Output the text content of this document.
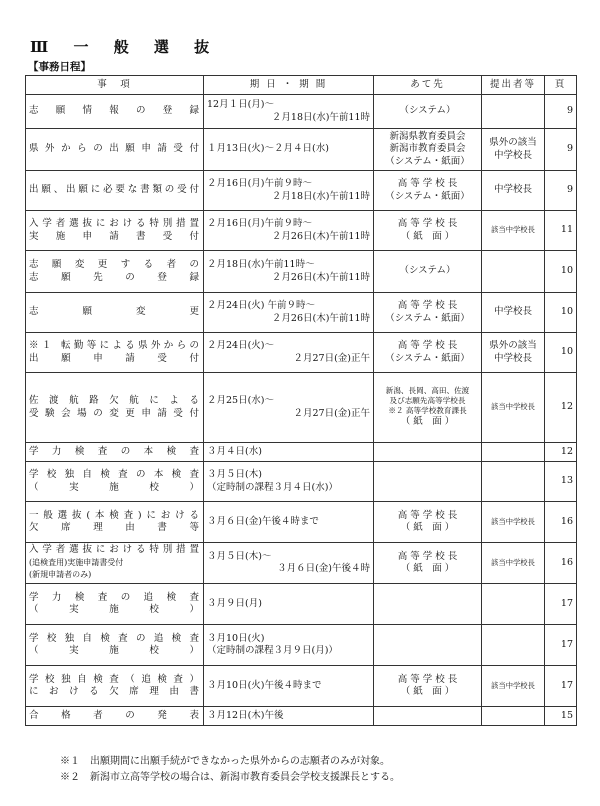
Ⅲ 一 般 選 抜
【事務日程】
事　項	期 日 ・ 期 間	あて先	提出者等	頁

志 願 情 報 の 登 録	12月１日(月)～
２月18日(水)午前11時	（システム）		9

県外からの出願申請受付	１月13日(火)～２月４日(水)	新潟県教育委員会
新潟市教育委員会
（システム・紙面）	県外の該当
中学校長	9

出願、出願に必要な書類の受付	２月16日(月)午前９時～
２月18日(水)午前11時	高 等 学 校 長
（システム・紙面）	中学校長	9

入学者選抜における特別措置
実 施 申 請 書 受 付	２月16日(月)午前９時～
２月26日(木)午前11時	高 等 学 校 長
（ 紙　面 ）	該当中学校長	11

志 願 変 更 す る 者 の
志 願 先 の 登 録	２月18日(水)午前11時～
２月26日(木)午前11時	（システム）		10

志　　願　　変　　更	２月24日(火) 午前９時～
２月26日(木)午前11時	高 等 学 校 長
（システム・紙面）	中学校長	10

※１ 転勤等による県外からの
出 願 申 請 受 付	２月24日(火)～
２月27日(金)正午	高 等 学 校 長
（システム・紙面）	県外の該当
中学校長	10

佐 渡 航 路 欠 航 に よ る
受験会場の変更申請受付	２月25日(水)～
２月27日(金)正午	新潟、長岡、高田、佐渡
及び志願先高等学校長
※２ 高等学校教育課長
（ 紙　面 ）	該当中学校長	12

学 力 検 査 の 本 検 査	３月４日(水)			12

学 校 独 自 検 査 の 本 検 査
（実施校）	３月５日(木)
（定時制の課程３月４日(水)）			13

一般選抜(本検査)における
欠 席 理 由 書 等	３月６日(金)午後４時まで	高 等 学 校 長
（ 紙　面 ）	該当中学校長	16

入学者選抜における特別措置
(追検査用)実施申請書受付
(新規申請者のみ)	３月５日(木)～
３月６日(金)午後４時	高 等 学 校 長
（ 紙　面 ）	該当中学校長	16

学 力 検 査 の 追 検 査
（実施校）	３月９日(月)			17

学 校 独 自 検 査 の 追 検 査
（実施校）	３月10日(火)
（定時制の課程３月９日(月)）			17

学校独自検査（追検査）
に お け る 欠 席 理 由 書	３月10日(火)午後４時まで	高 等 学 校 長
（ 紙　面 ）	該当中学校長	17

合 格 者 の 発 表	３月12日(木)午後			15
※１　出願期間に出願手続ができなかった県外からの志願者のみが対象。
※２　新潟市立高等学校の場合は、新潟市教育委員会学校支援課長とする。
